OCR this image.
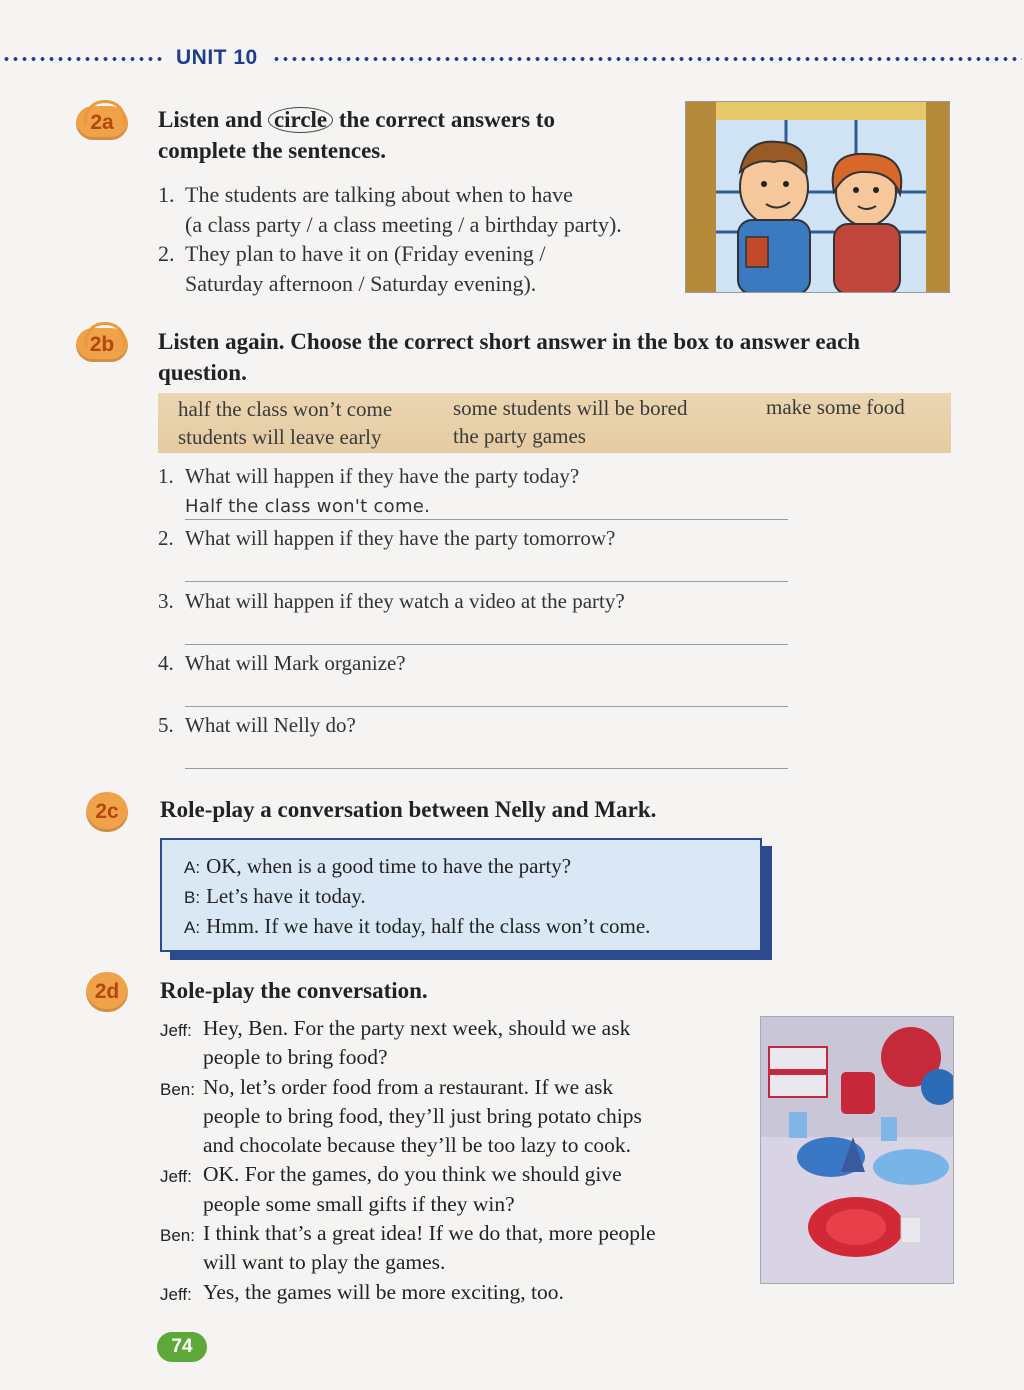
UNIT 10
2a	Listen and circle the correct answers to
complete the sentences.
1. The students are talking about when to have
(a class party / a class meeting / a birthday party).
2. They plan to have it on (Friday evening /
Saturday afternoon / Saturday evening).
2b	Listen again. Choose the correct short answer in the box to answer each
question.
half the class won’t come	some students will be bored	make some food
students will leave early	the party games
1. What will happen if they have the party today?
Half the class won't come.
2. What will happen if they have the party tomorrow?
3. What will happen if they watch a video at the party?
4. What will Mark organize?
5. What will Nelly do?
2c	Role-play a conversation between Nelly and Mark.
A: OK, when is a good time to have the party?
B: Let’s have it today.
A: Hmm. If we have it today, half the class won’t come.
2d	Role-play the conversation.
Jeff: Hey, Ben. For the party next week, should we ask
people to bring food?
Ben: No, let’s order food from a restaurant. If we ask
people to bring food, they’ll just bring potato chips
and chocolate because they’ll be too lazy to cook.
Jeff: OK. For the games, do you think we should give
people some small gifts if they win?
Ben: I think that’s a great idea! If we do that, more people
will want to play the games.
Jeff: Yes, the games will be more exciting, too.
74
